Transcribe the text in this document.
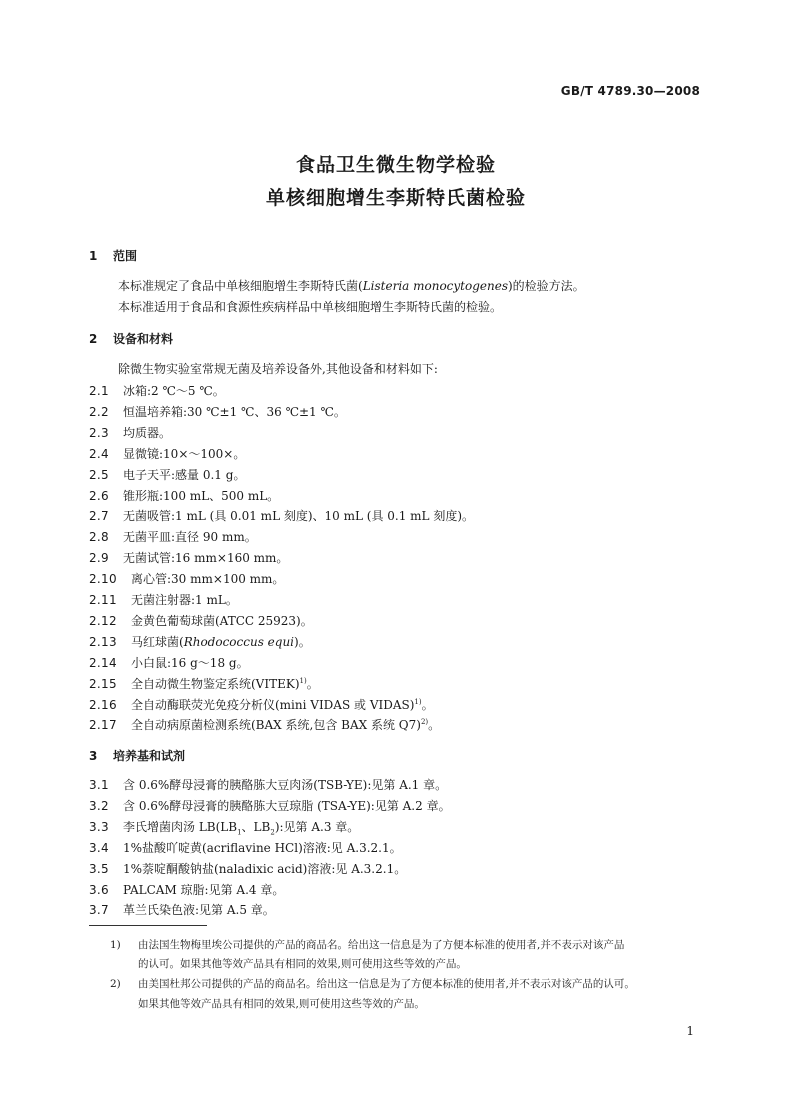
GB/T 4789.30—2008
食品卫生微生物学检验
单核细胞增生李斯特氏菌检验
1 范围
本标准规定了食品中单核细胞增生李斯特氏菌(Listeria monocytogenes)的检验方法。
本标准适用于食品和食源性疾病样品中单核细胞增生李斯特氏菌的检验。
2 设备和材料
除微生物实验室常规无菌及培养设备外,其他设备和材料如下:
2.1 冰箱:2 ℃～5 ℃。
2.2 恒温培养箱:30 ℃±1 ℃、36 ℃±1 ℃。
2.3 均质器。
2.4 显微镜:10×～100×。
2.5 电子天平:感量 0.1 g。
2.6 锥形瓶:100 mL、500 mL。
2.7 无菌吸管:1 mL (具 0.01 mL 刻度)、10 mL (具 0.1 mL 刻度)。
2.8 无菌平皿:直径 90 mm。
2.9 无菌试管:16 mm×160 mm。
2.10 离心管:30 mm×100 mm。
2.11 无菌注射器:1 mL。
2.12 金黄色葡萄球菌(ATCC 25923)。
2.13 马红球菌(Rhodococcus equi)。
2.14 小白鼠:16 g～18 g。
2.15 全自动微生物鉴定系统(VITEK)$^{1)}$。
2.16 全自动酶联荧光免疫分析仪(mini VIDAS 或 VIDAS)$^{1)}$。
2.17 全自动病原菌检测系统(BAX 系统,包含 BAX 系统 Q7)$^{2)}$。
3 培养基和试剂
3.1 含 0.6%酵母浸膏的胰酪胨大豆肉汤(TSB-YE):见第 A.1 章。
3.2 含 0.6%酵母浸膏的胰酪胨大豆琼脂 (TSA-YE):见第 A.2 章。
3.3 李氏增菌肉汤 $LB(LB_1$、$LB_2$):见第 A.3 章。
3.4 1%盐酸吖啶黄(acriflavine HCl)溶液:见 A.3.2.1。
3.5 1%萘啶酮酸钠盐(naladixic acid)溶液:见 A.3.2.1。
3.6 PALCAM 琼脂:见第 A.4 章。
3.7 革兰氏染色液:见第 A.5 章。
1) 由法国生物梅里埃公司提供的产品的商品名。给出这一信息是为了方便本标准的使用者,并不表示对该产品
的认可。如果其他等效产品具有相同的效果,则可使用这些等效的产品。
2) 由美国杜邦公司提供的产品的商品名。给出这一信息是为了方便本标准的使用者,并不表示对该产品的认可。
如果其他等效产品具有相同的效果,则可使用这些等效的产品。
1
